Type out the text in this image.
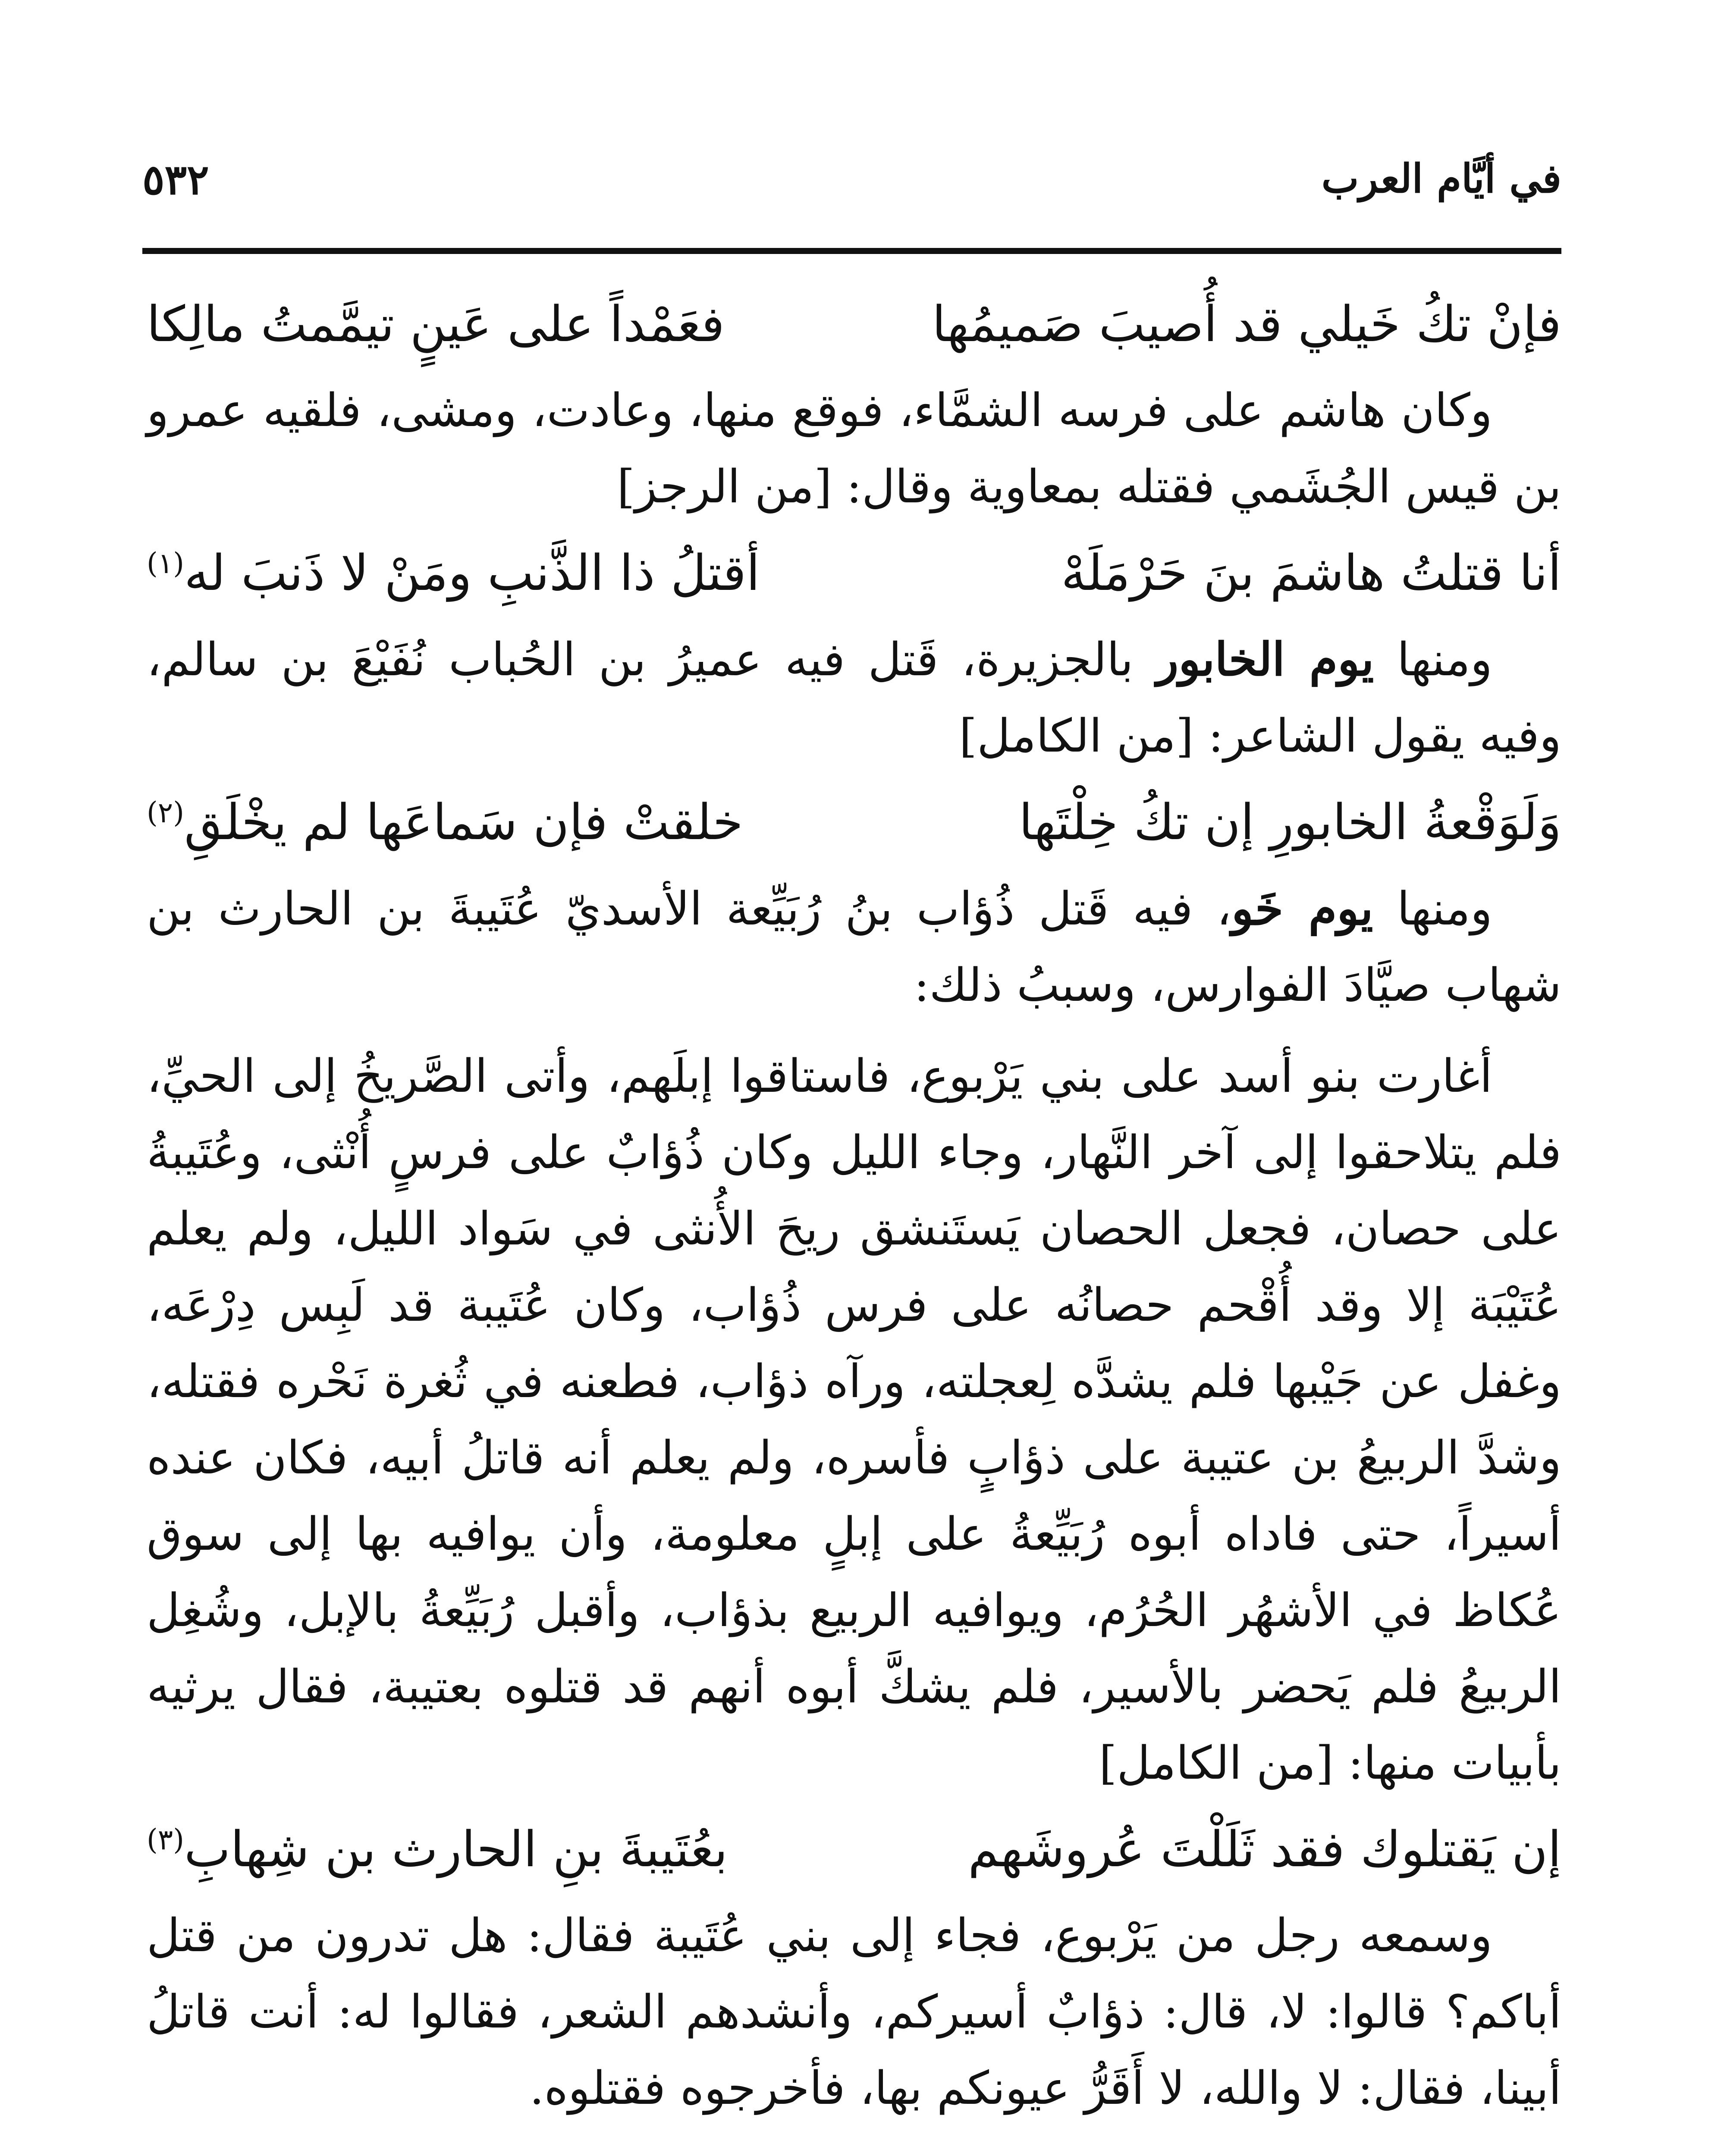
في أيَّام العرب
٥٣٢
فإنْ تكُ خَيلي قد أُصيبَ صَميمُها
فعَمْداً على عَينٍ تيمَّمتُ مالِكا

وكان هاشم على فرسه الشمَّاء، فوقع منها، وعادت، ومشى، فلقيه عمرو بن قيس الجُشَمي فقتله بمعاوية وقال: [من الرجز]

أنا قتلتُ هاشمَ بنَ حَرْمَلَهْ
أقتلُ ذا الذَّنبِ ومَنْ لا ذَنبَ له$^{(١)}$

ومنها يوم الخابور بالجزيرة، قَتل فيه عميرُ بن الحُباب نُفَيْعَ بن سالم، وفيه يقول الشاعر: [من الكامل]

وَلَوَقْعةُ الخابورِ إن تكُ خِلْتَها
خلقتْ فإن سَماعَها لم يخْلَقِ$^{(٢)}$

ومنها يوم خَو، فيه قَتل ذُؤاب بنُ رُبَيِّعة الأسديّ عُتَيبةَ بن الحارث بن شهاب صيَّادَ الفوارس، وسببُ ذلك:

أغارت بنو أسد على بني يَرْبوع، فاستاقوا إبلَهم، وأتى الصَّريخُ إلى الحيِّ، فلم يتلاحقوا إلى آخر النَّهار، وجاء الليل وكان ذُؤابٌ على فرسٍ أُنْثى، وعُتَيبةُ على حصان، فجعل الحصان يَستَنشق ريحَ الأُنثى في سَواد الليل، ولم يعلم عُتَيْبَة إلا وقد أُقْحم حصانُه على فرس ذُؤاب، وكان عُتَيبة قد لَبِس دِرْعَه، وغفل عن جَيْبها فلم يشدَّه لِعجلته، ورآه ذؤاب، فطعنه في ثُغرة نَحْره فقتله، وشدَّ الربيعُ بن عتيبة على ذؤابٍ فأسره، ولم يعلم أنه قاتلُ أبيه، فكان عنده أسيراً، حتى فاداه أبوه رُبَيِّعةُ على إبلٍ معلومة، وأن يوافيه بها إلى سوق عُكاظ في الأشهُر الحُرُم، ويوافيه الربيع بذؤاب، وأقبل رُبَيِّعةُ بالإبل، وشُغِل الربيعُ فلم يَحضر بالأسير، فلم يشكَّ أبوه أنهم قد قتلوه بعتيبة، فقال يرثيه بأبيات منها: [من الكامل]

إن يَقتلوك فقد ثَلَلْتَ عُروشَهم
بعُتَيبةَ بنِ الحارث بن شِهابِ$^{(٣)}$

وسمعه رجل من يَرْبوع، فجاء إلى بني عُتَيبة فقال: هل تدرون من قتل أباكم؟ قالوا: لا، قال: ذؤابٌ أسيركم، وأنشدهم الشعر، فقالوا له: أنت قاتلُ أبينا، فقال: لا والله، لا أَقَرُّ عيونكم بها، فأخرجوه فقتلوه.
